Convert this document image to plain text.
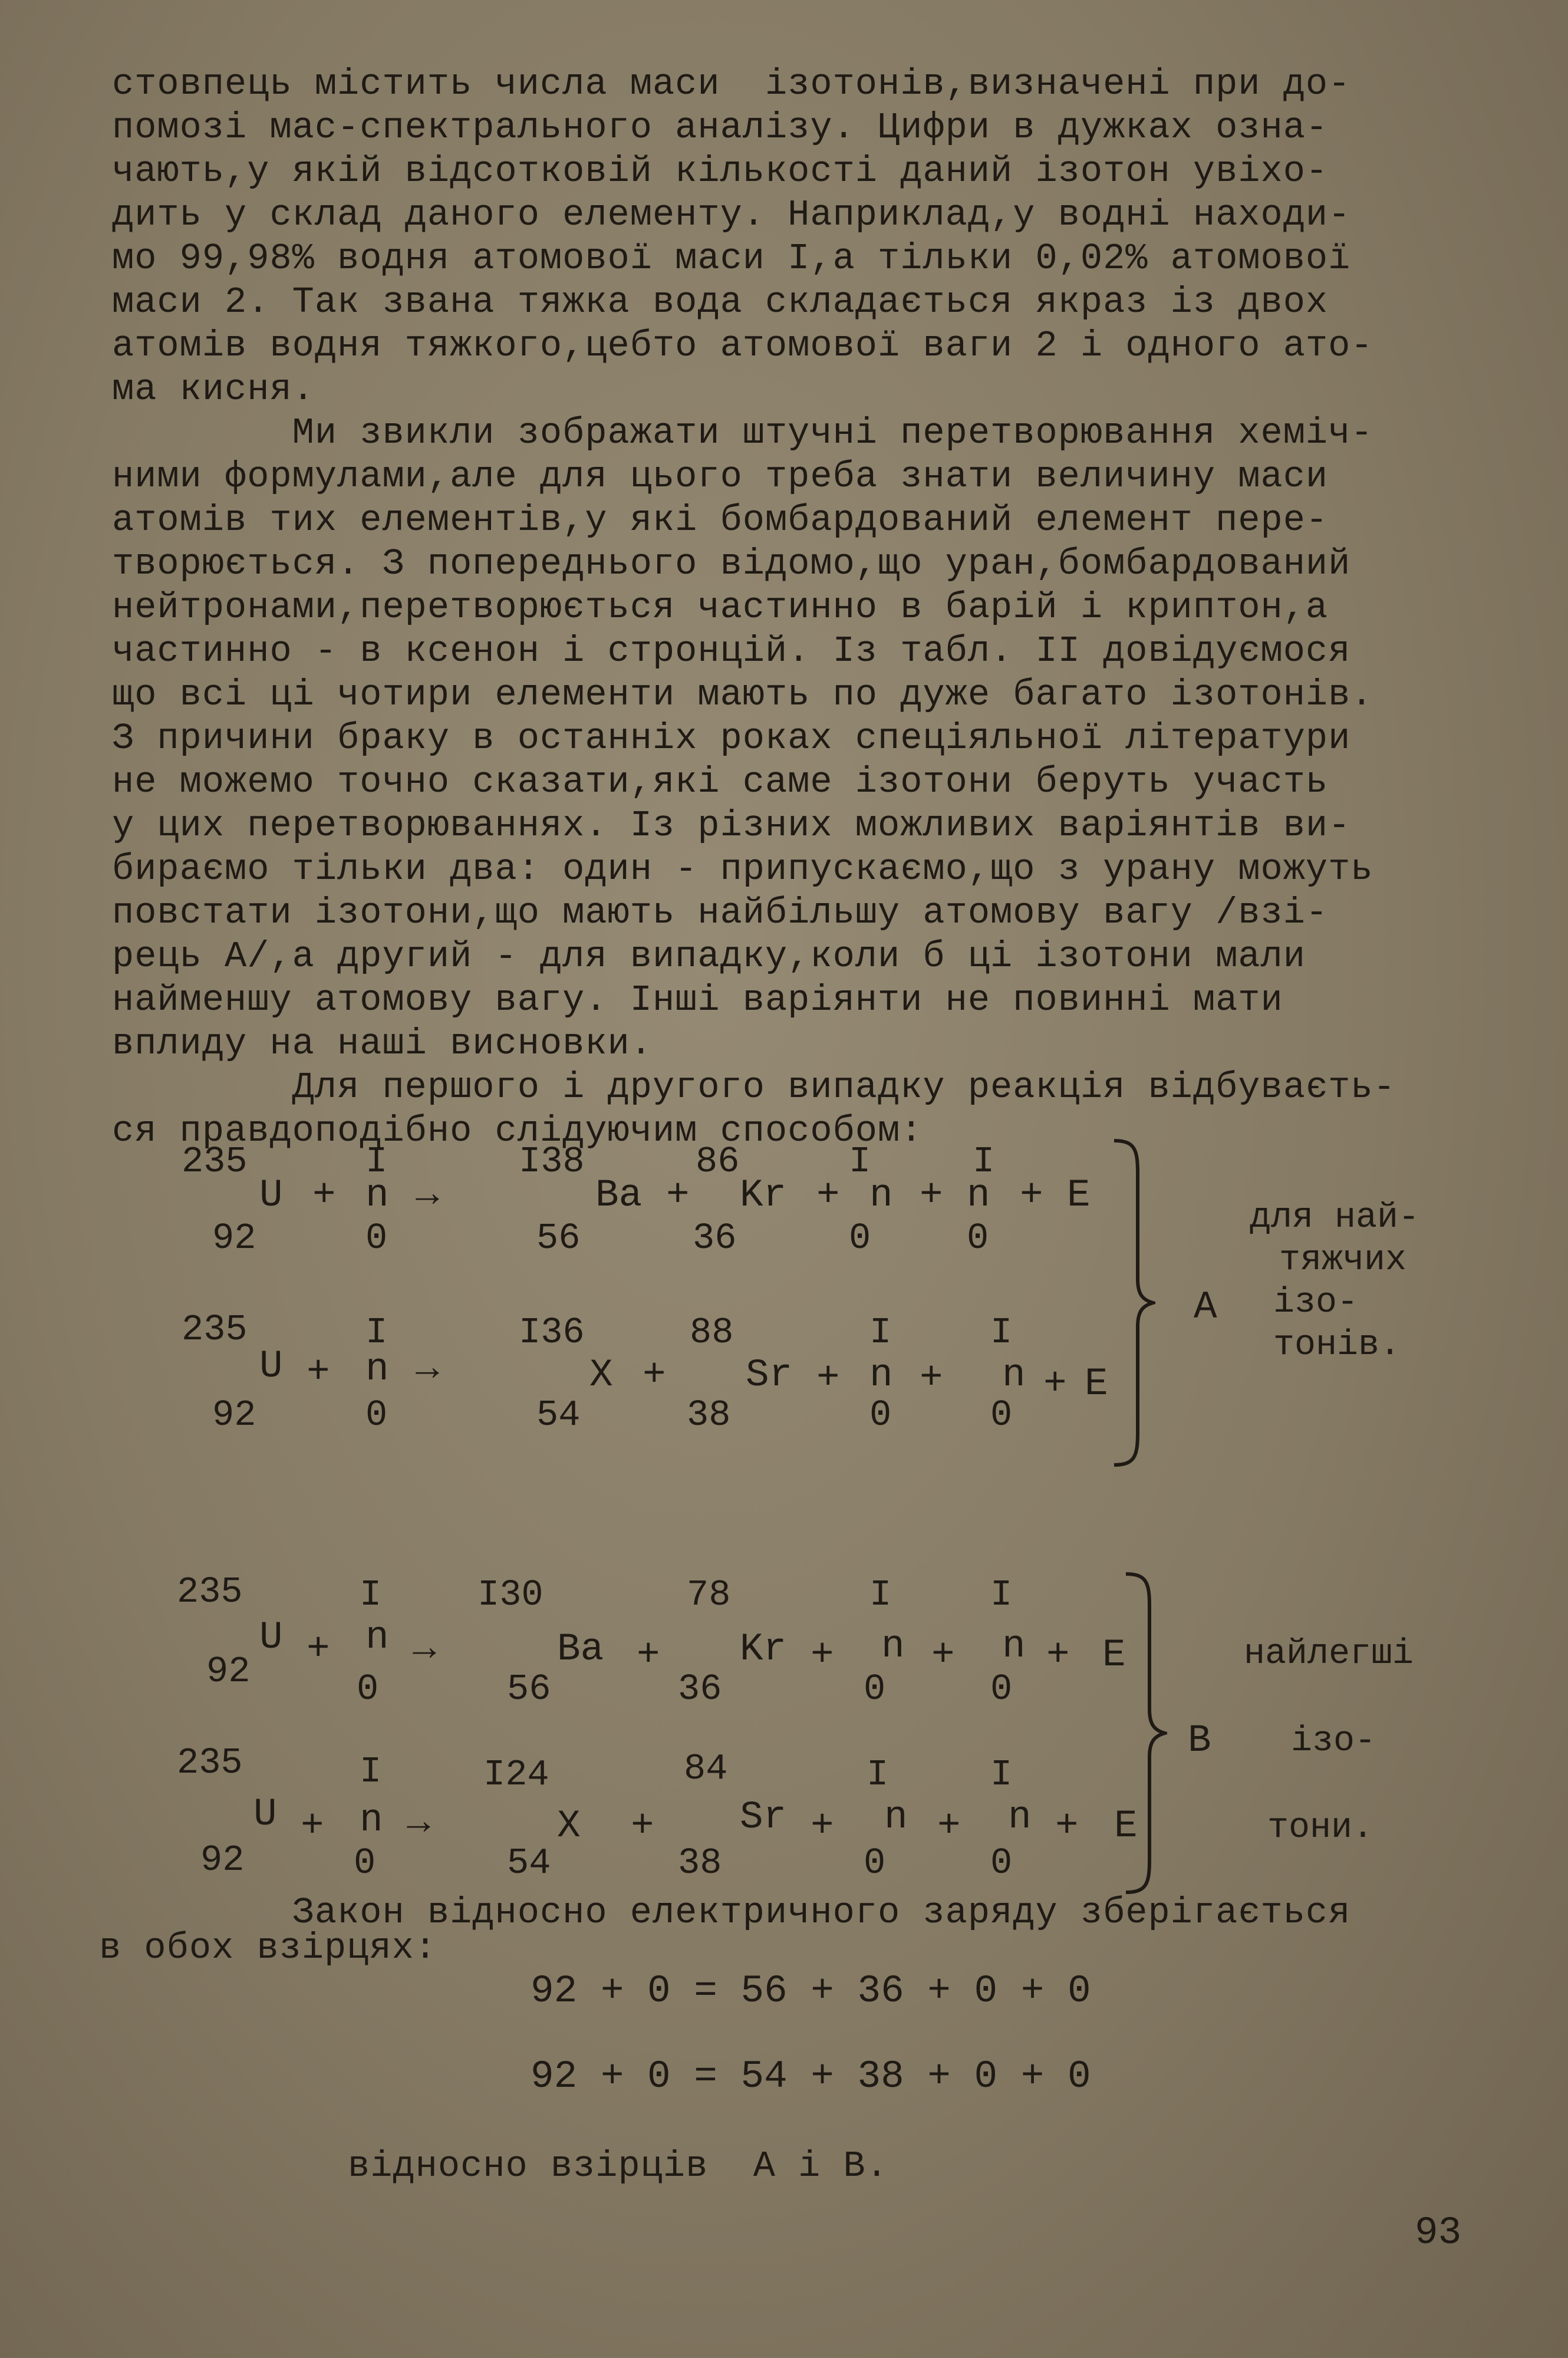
стовпець містить числа маси  ізотонів,визначені при до-

помозі мас-спектрального аналізу. Цифри в дужках озна-

чають,у якій відсотковій кількості даний ізотон увіхо-

дить у склад даного елементу. Наприклад,у водні находи-

мо 99,98% водня атомової маси I,а тільки 0,02% атомової

маси 2. Так звана тяжка вода складається якраз із двох

атомів водня тяжкого,цебто атомової ваги 2 і одного ато-

ма кисня.

Ми звикли зображати штучні перетворювання хеміч-

ними формулами,але для цього треба знати величину маси

атомів тих елементів,у які бомбардований елемент пере-

творюється. З попереднього відомо,що уран,бомбардований

нейтронами,перетворюється частинно в барій і криптон,а

частинно - в ксенон і стронцій. Із табл. II довідуємося

що всі ці чотири елементи мають по дуже багато ізотонів.

З причини браку в останніх роках спеціяльної літератури

не можемо точно сказати,які саме ізотони беруть участь

у цих перетворюваннях. Із різних можливих варіянтів ви-

бираємо тільки два: один - припускаємо,що з урану можуть

повстати ізотони,що мають найбільшу атомову вагу /взі-

рець А/,а другий - для випадку,коли б ці ізотони мали

найменшу атомову вагу. Інші варіянти не повинні мати

вплиду на наші висновки.

Для першого і другого випадку реакція відбуваєть-

ся правдоподібно слідуючим способом:

235
U
92
+
I
n
0
→
I38
Ba
56
+
86
Kr
36
+
I
n
0
+
I
n
0
+ E
235
U
92
+
I
n
0
→
I36
X
54
+
88
Sr
38
+
I
n
0
+
I
n
0
+ E
А
для най-
тяжчих
ізо-
тонів.
235
U
92
+
I
n
0
→
I30
Ba
56
+
78
Kr
36
+
I
n
0
+
I
n
0
+ E
235
U
92
+
I
n
0
→
I24
X
54
+
84
Sr
38
+
I
n
0
+
I
n
0
+ E
В
найлегші
ізо-
тони.

Закон відносно електричного заряду зберігається

в обох взірцях:

92 + 0 = 56 + 36 + 0 + 0
92 + 0 = 54 + 38 + 0 + 0

відносно взірців  А і В.

93
